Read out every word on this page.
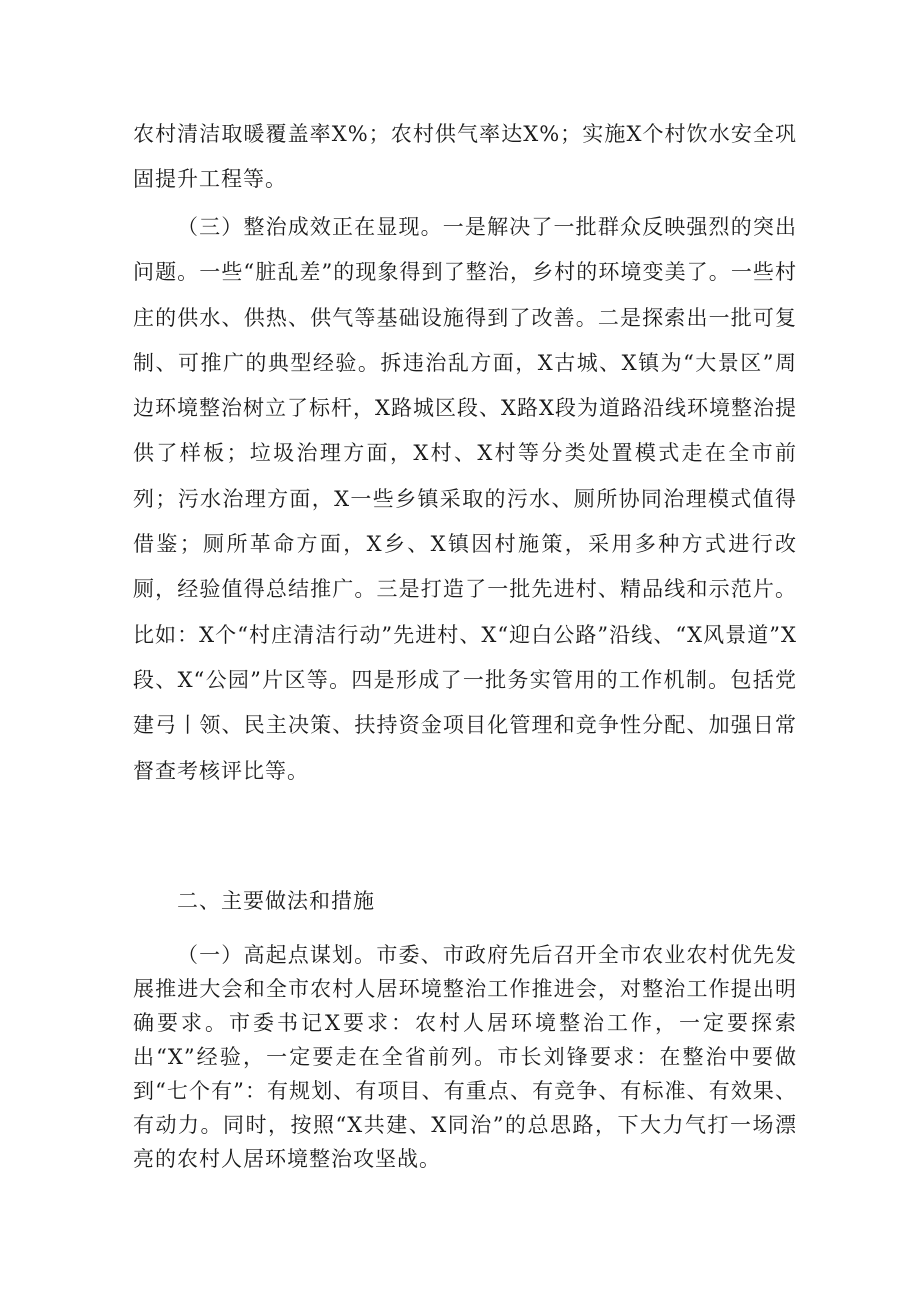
农村清洁取暖覆盖率X%；农村供气率达X%；实施X个村饮水安全巩固提升工程等。

（三）整治成效正在显现。一是解决了一批群众反映强烈的突出问题。一些“脏乱差”的现象得到了整治，乡村的环境变美了。一些村庄的供水、供热、供气等基础设施得到了改善。二是探索出一批可复制、可推广的典型经验。拆违治乱方面，X古城、X镇为“大景区”周边环境整治树立了标杆，X路城区段、X路X段为道路沿线环境整治提供了样板；垃圾治理方面，X村、X村等分类处置模式走在全市前列；污水治理方面，X一些乡镇采取的污水、厕所协同治理模式值得借鉴；厕所革命方面，X乡、X镇因村施策，采用多种方式进行改厕，经验值得总结推广。三是打造了一批先进村、精品线和示范片。比如：X个“村庄清洁行动”先进村、X“迎白公路”沿线、“X风景道”X段、X“公园”片区等。四是形成了一批务实管用的工作机制。包括党建弓丨领、民主决策、扶持资金项目化管理和竞争性分配、加强日常督查考核评比等。

二、主要做法和措施

（一）高起点谋划。市委、市政府先后召开全市农业农村优先发展推进大会和全市农村人居环境整治工作推进会，对整治工作提出明确要求。市委书记X要求：农村人居环境整治工作，一定要探索出“X”经验，一定要走在全省前列。市长刘锋要求：在整治中要做到“七个有”：有规划、有项目、有重点、有竞争、有标准、有效果、有动力。同时，按照“X共建、X同治”的总思路，下大力气打一场漂亮的农村人居环境整治攻坚战。
